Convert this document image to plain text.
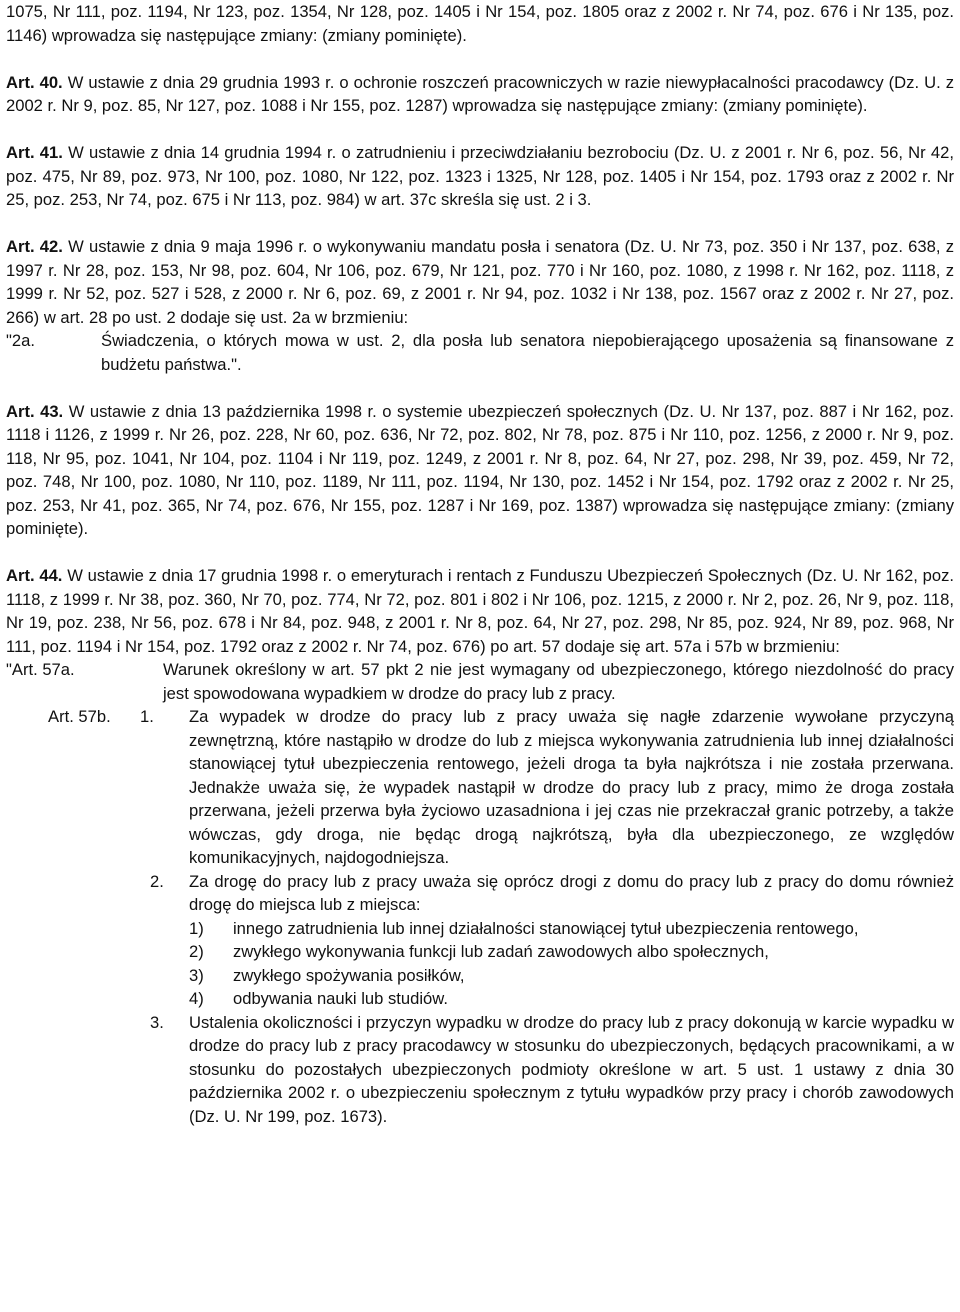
1075, Nr 111, poz. 1194, Nr 123, poz. 1354, Nr 128, poz. 1405 i Nr 154, poz. 1805 oraz z 2002 r. Nr 74, poz. 676 i Nr 135, poz. 1146) wprowadza się następujące zmiany: (zmiany pominięte).

Art. 40. W ustawie z dnia 29 grudnia 1993 r. o ochronie roszczeń pracowniczych w razie niewypłacalności pracodawcy (Dz. U. z 2002 r. Nr 9, poz. 85, Nr 127, poz. 1088 i Nr 155, poz. 1287) wprowadza się następujące zmiany: (zmiany pominięte).

Art. 41. W ustawie z dnia 14 grudnia 1994 r. o zatrudnieniu i przeciwdziałaniu bezrobociu (Dz. U. z 2001 r. Nr 6, poz. 56, Nr 42, poz. 475, Nr 89, poz. 973, Nr 100, poz. 1080, Nr 122, poz. 1323 i 1325, Nr 128, poz. 1405 i Nr 154, poz. 1793 oraz z 2002 r. Nr 25, poz. 253, Nr 74, poz. 675 i Nr 113, poz. 984) w art. 37c skreśla się ust. 2 i 3.

Art. 42. W ustawie z dnia 9 maja 1996 r. o wykonywaniu mandatu posła i senatora (Dz. U. Nr 73, poz. 350 i Nr 137, poz. 638, z 1997 r. Nr 28, poz. 153, Nr 98, poz. 604, Nr 106, poz. 679, Nr 121, poz. 770 i Nr 160, poz. 1080, z 1998 r. Nr 162, poz. 1118, z 1999 r. Nr 52, poz. 527 i 528, z 2000 r. Nr 6, poz. 69, z 2001 r. Nr 94, poz. 1032 i Nr 138, poz. 1567 oraz z 2002 r. Nr 27, poz. 266) w art. 28 po ust. 2 dodaje się ust. 2a w brzmieniu:

"2a.	Świadczenia, o których mowa w ust. 2, dla posła lub senatora niepobierającego uposażenia są finansowane z budżetu państwa.".

Art. 43. W ustawie z dnia 13 października 1998 r. o systemie ubezpieczeń społecznych (Dz. U. Nr 137, poz. 887 i Nr 162, poz. 1118 i 1126, z 1999 r. Nr 26, poz. 228, Nr 60, poz. 636, Nr 72, poz. 802, Nr 78, poz. 875 i Nr 110, poz. 1256, z 2000 r. Nr 9, poz. 118, Nr 95, poz. 1041, Nr 104, poz. 1104 i Nr 119, poz. 1249, z 2001 r. Nr 8, poz. 64, Nr 27, poz. 298, Nr 39, poz. 459, Nr 72, poz. 748, Nr 100, poz. 1080, Nr 110, poz. 1189, Nr 111, poz. 1194, Nr 130, poz. 1452 i Nr 154, poz. 1792 oraz z 2002 r. Nr 25, poz. 253, Nr 41, poz. 365, Nr 74, poz. 676, Nr 155, poz. 1287 i Nr 169, poz. 1387) wprowadza się następujące zmiany: (zmiany pominięte).

Art. 44. W ustawie z dnia 17 grudnia 1998 r. o emeryturach i rentach z Funduszu Ubezpieczeń Społecznych (Dz. U. Nr 162, poz. 1118, z 1999 r. Nr 38, poz. 360, Nr 70, poz. 774, Nr 72, poz. 801 i 802 i Nr 106, poz. 1215, z 2000 r. Nr 2, poz. 26, Nr 9, poz. 118, Nr 19, poz. 238, Nr 56, poz. 678 i Nr 84, poz. 948, z 2001 r. Nr 8, poz. 64, Nr 27, poz. 298, Nr 85, poz. 924, Nr 89, poz. 968, Nr 111, poz. 1194 i Nr 154, poz. 1792 oraz z 2002 r. Nr 74, poz. 676) po art. 57 dodaje się art. 57a i 57b w brzmieniu:

"Art. 57a.	Warunek określony w art. 57 pkt 2 nie jest wymagany od ubezpieczonego, którego niezdolność do pracy jest spowodowana wypadkiem w drodze do pracy lub z pracy.
Art. 57b.	1.	Za wypadek w drodze do pracy lub z pracy uważa się nagłe zdarzenie wywołane przyczyną zewnętrzną, które nastąpiło w drodze do lub z miejsca wykonywania zatrudnienia lub innej działalności stanowiącej tytuł ubezpieczenia rentowego, jeżeli droga ta była najkrótsza i nie została przerwana. Jednakże uważa się, że wypadek nastąpił w drodze do pracy lub z pracy, mimo że droga została przerwana, jeżeli przerwa była życiowo uzasadniona i jej czas nie przekraczał granic potrzeby, a także wówczas, gdy droga, nie będąc drogą najkrótszą, była dla ubezpieczonego, ze względów komunikacyjnych, najdogodniejsza.
2.	Za drogę do pracy lub z pracy uważa się oprócz drogi z domu do pracy lub z pracy do domu również drogę do miejsca lub z miejsca:
1)	innego zatrudnienia lub innej działalności stanowiącej tytuł ubezpieczenia rentowego,
2)	zwykłego wykonywania funkcji lub zadań zawodowych albo społecznych,
3)	zwykłego spożywania posiłków,
4)	odbywania nauki lub studiów.
3.	Ustalenia okoliczności i przyczyn wypadku w drodze do pracy lub z pracy dokonują w karcie wypadku w drodze do pracy lub z pracy pracodawcy w stosunku do ubezpieczonych, będących pracownikami, a w stosunku do pozostałych ubezpieczonych podmioty określone w art. 5 ust. 1 ustawy z dnia 30 października 2002 r. o ubezpieczeniu społecznym z tytułu wypadków przy pracy i chorób zawodowych (Dz. U. Nr 199, poz. 1673).
